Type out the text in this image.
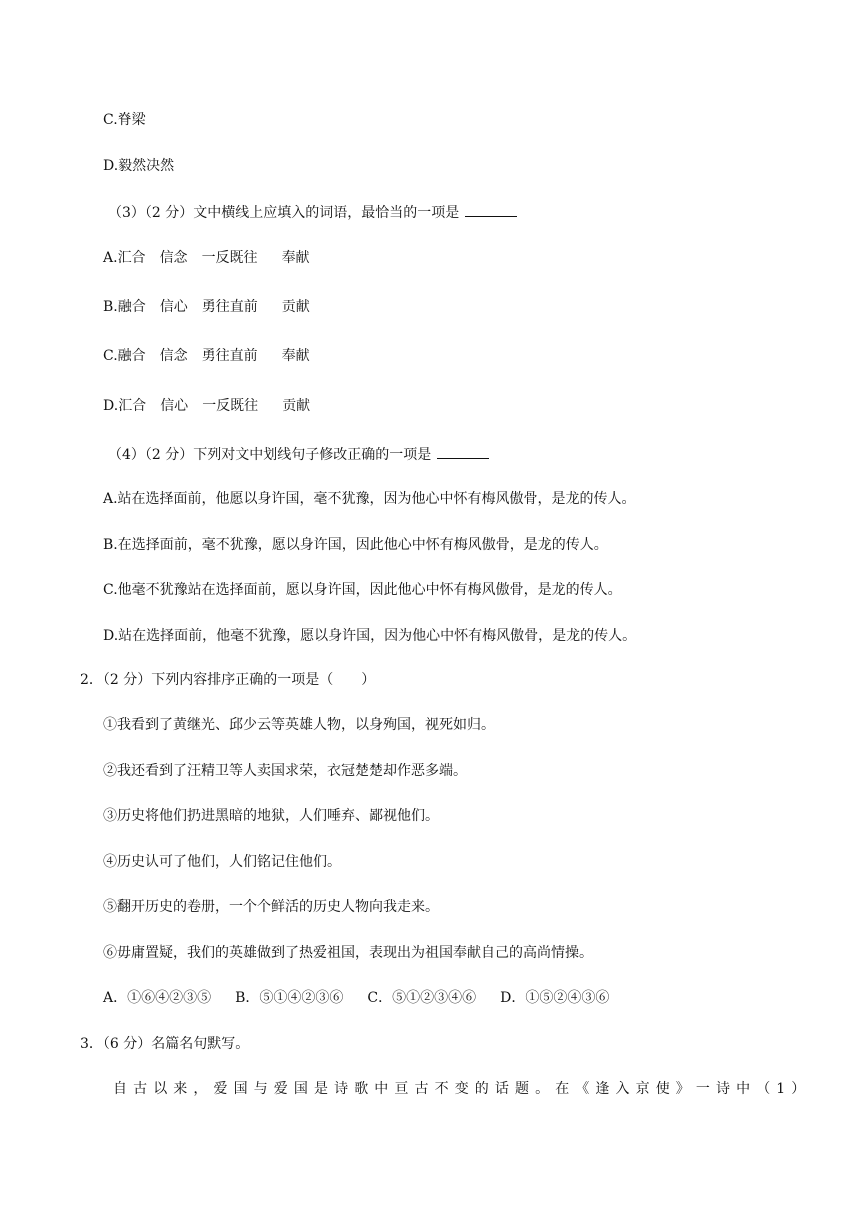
C.脊梁
D.毅然决然
（3）（2 分）文中横线上应填入的词语，最恰当的一项是
A.汇合 信念 一反既往 奉献
B.融合 信心 勇往直前 贡献
C.融合 信念 勇往直前 奉献
D.汇合 信心 一反既往 贡献
（4）（2 分）下列对文中划线句子修改正确的一项是
A.站在选择面前，他愿以身许国，毫不犹豫，因为他心中怀有梅风傲骨，是龙的传人。
B.在选择面前，毫不犹豫，愿以身许国，因此他心中怀有梅风傲骨，是龙的传人。
C.他毫不犹豫站在选择面前，愿以身许国，因此他心中怀有梅风傲骨，是龙的传人。
D.站在选择面前，他毫不犹豫，愿以身许国，因为他心中怀有梅风傲骨，是龙的传人。
2．（2 分）下列内容排序正确的一项是（　　）
①我看到了黄继光、邱少云等英雄人物，以身殉国，视死如归。
②我还看到了汪精卫等人卖国求荣，衣冠楚楚却作恶多端。
③历史将他们扔进黑暗的地狱，人们唾弃、鄙视他们。
④历史认可了他们，人们铭记住他们。
⑤翻开历史的卷册，一个个鲜活的历史人物向我走来。
⑥毋庸置疑，我们的英雄做到了热爱祖国，表现出为祖国奉献自己的高尚情操。
A．①⑥④②③⑤ B．⑤①④②③⑥ C．⑤①②③④⑥ D．①⑤②④③⑥
3．（6 分）名篇名句默写。
自古以来，爱国与爱国是诗歌中亘古不变的话题。在《逢入京使》一诗中（1）
